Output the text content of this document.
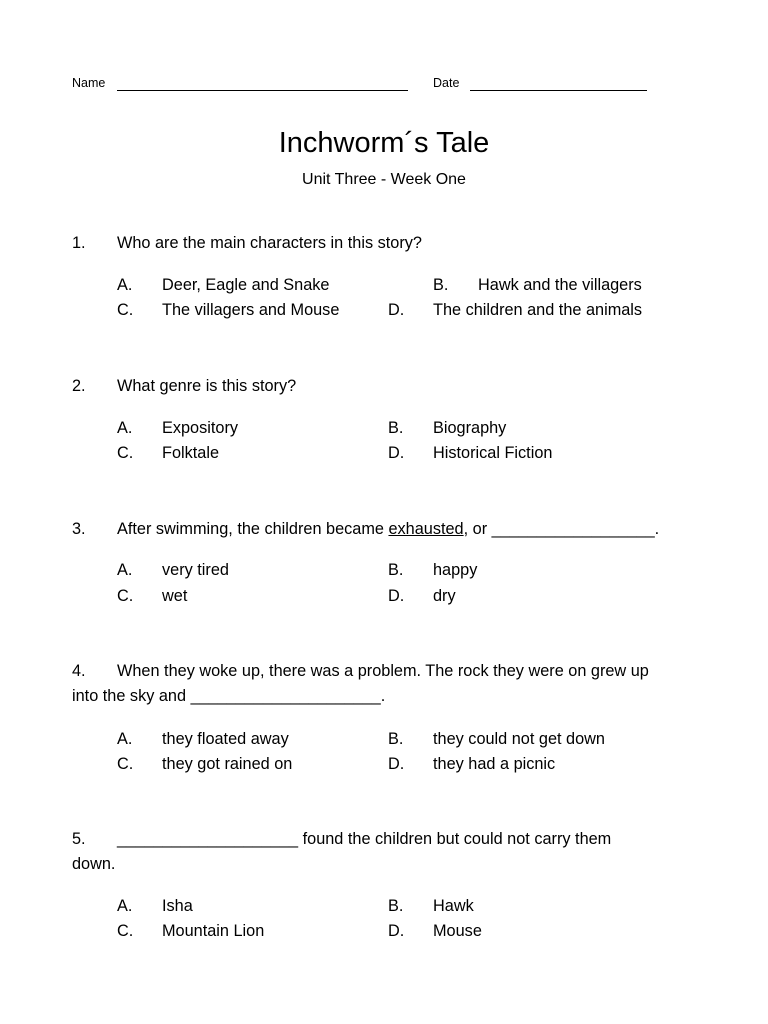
Name	Date
Inchworm´s Tale
Unit Three - Week One
1. Who are the main characters in this story?
A. Deer, Eagle and Snake	B. Hawk and the villagers
C. The villagers and Mouse	D. The children and the animals
2. What genre is this story?
A. Expository	B. Biography
C. Folktale	D. Historical Fiction
3. After swimming, the children became exhausted, or __________________.
A. very tired	B. happy
C. wet	D. dry
4. When they woke up, there was a problem. The rock they were on grew up
into the sky and _____________________.
A. they floated away	B. they could not get down
C. they got rained on	D. they had a picnic
5. ____________________ found the children but could not carry them
down.
A. Isha	B. Hawk
C. Mountain Lion	D. Mouse
